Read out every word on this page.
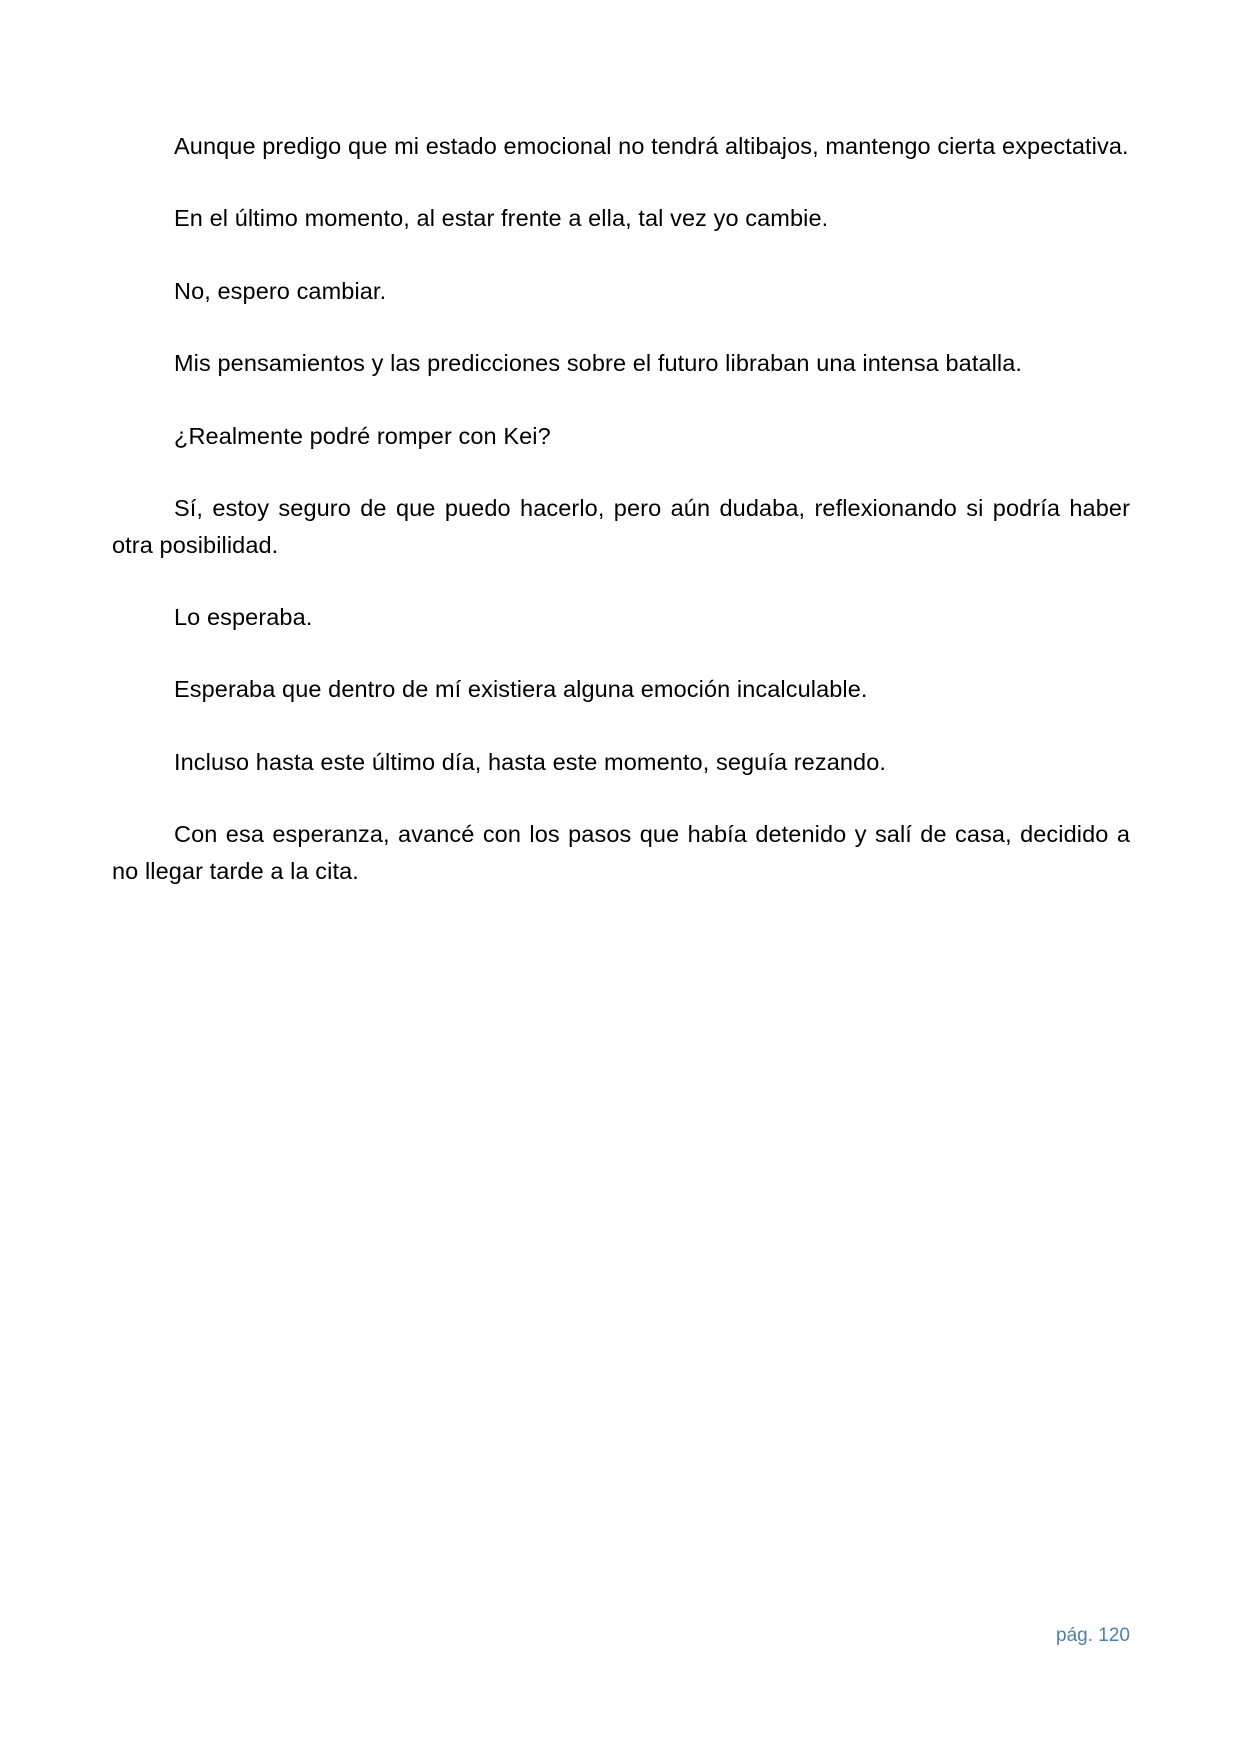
Aunque predigo que mi estado emocional no tendrá altibajos, mantengo cierta expectativa.

En el último momento, al estar frente a ella, tal vez yo cambie.

No, espero cambiar.

Mis pensamientos y las predicciones sobre el futuro libraban una intensa batalla.

¿Realmente podré romper con Kei?

Sí, estoy seguro de que puedo hacerlo, pero aún dudaba, reflexionando si podría haber otra posibilidad.

Lo esperaba.

Esperaba que dentro de mí existiera alguna emoción incalculable.

Incluso hasta este último día, hasta este momento, seguía rezando.

Con esa esperanza, avancé con los pasos que había detenido y salí de casa, decidido a no llegar tarde a la cita.

pág. 120
